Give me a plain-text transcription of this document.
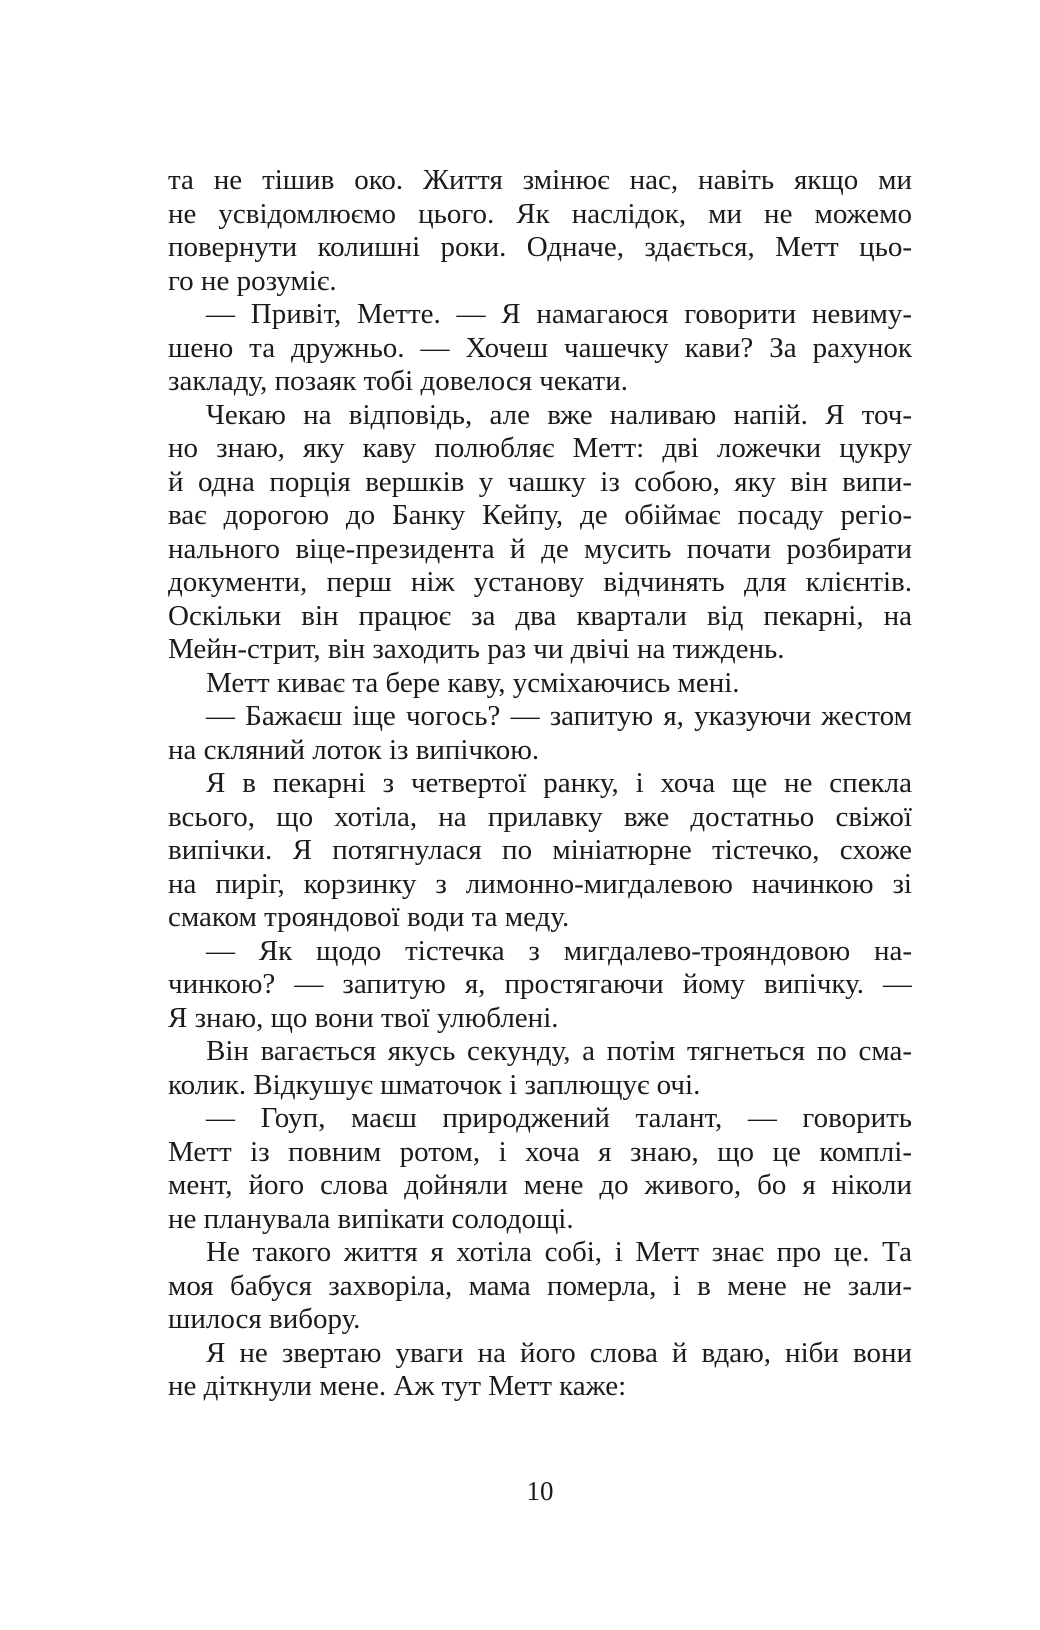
та не тішив око. Життя змінює нас, навіть якщо ми
не усвідомлюємо цього. Як наслідок, ми не можемо
повернути колишні роки. Одначе, здається, Метт цьо-
го не розуміє.
— Привіт, Метте. — Я намагаюся говорити невиму-
шено та дружньо. — Хочеш чашечку кави? За рахунок
закладу, позаяк тобі довелося чекати.
Чекаю на відповідь, але вже наливаю напій. Я точ-
но знаю, яку каву полюбляє Метт: дві ложечки цукру
й одна порція вершків у чашку із собою, яку він випи-
ває дорогою до Банку Кейпу, де обіймає посаду регіо-
нального віце-президента й де мусить почати розбирати
документи, перш ніж установу відчинять для клієнтів.
Оскільки він працює за два квартали від пекарні, на
Мейн-стрит, він заходить раз чи двічі на тиждень.
Метт киває та бере каву, усміхаючись мені.
— Бажаєш іще чогось? — запитую я, указуючи жестом
на скляний лоток із випічкою.
Я в пекарні з четвертої ранку, і хоча ще не спекла
всього, що хотіла, на прилавку вже достатньо свіжої
випічки. Я потягнулася по мініатюрне тістечко, схоже
на пиріг, корзинку з лимонно-мигдалевою начинкою зі
смаком трояндової води та меду.
— Як щодо тістечка з мигдалево-трояндовою на-
чинкою? — запитую я, простягаючи йому випічку. —
Я знаю, що вони твої улюблені.
Він вагається якусь секунду, а потім тягнеться по сма-
колик. Відкушує шматочок і заплющує очі.
— Гоуп, маєш природжений талант, — говорить
Метт із повним ротом, і хоча я знаю, що це комплі-
мент, його слова дойняли мене до живого, бо я ніколи
не планувала випікати солодощі.
Не такого життя я хотіла собі, і Метт знає про це. Та
моя бабуся захворіла, мама померла, і в мене не зали-
шилося вибору.
Я не звертаю уваги на його слова й вдаю, ніби вони
не діткнули мене. Аж тут Метт каже:
10
